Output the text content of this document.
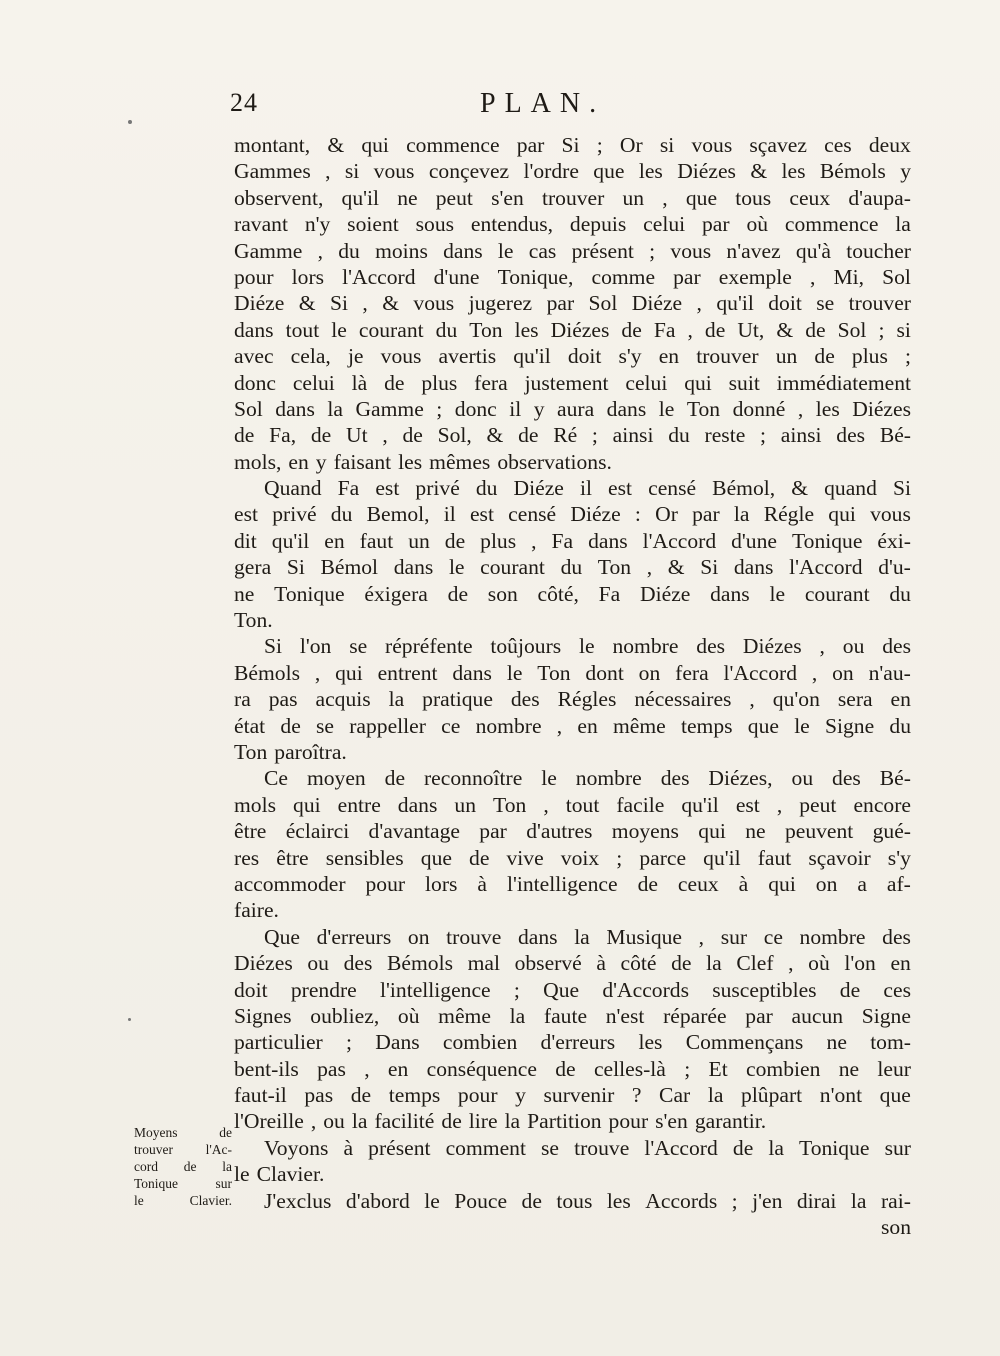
24	PLAN.
montant, & qui commence par Si ; Or si vous sçavez ces deux
Gammes , si vous conçevez l'ordre que les Diézes & les Bémols y
observent, qu'il ne peut s'en trouver un , que tous ceux d'aupa-
ravant n'y soient sous entendus, depuis celui par où commence la
Gamme , du moins dans le cas présent ; vous n'avez qu'à toucher
pour lors l'Accord d'une Tonique, comme par exemple , Mi, Sol
Diéze & Si , & vous jugerez par Sol Diéze , qu'il doit se trouver
dans tout le courant du Ton les Diézes de Fa , de Ut, & de Sol ; si
avec cela, je vous avertis qu'il doit s'y en trouver un de plus ;
donc celui là de plus fera justement celui qui suit immédiatement
Sol dans la Gamme ; donc il y aura dans le Ton donné , les Diézes
de Fa, de Ut , de Sol, & de Ré ; ainsi du reste ; ainsi des Bé-
mols, en y faisant les mêmes observations.
Quand Fa est privé du Diéze il est censé Bémol, & quand Si
est privé du Bemol, il est censé Diéze : Or par la Régle qui vous
dit qu'il en faut un de plus , Fa dans l'Accord d'une Tonique éxi-
gera Si Bémol dans le courant du Ton , & Si dans l'Accord d'u-
ne Tonique éxigera de son côté, Fa Diéze dans le courant du
Ton.
Si l'on se répréfente toûjours le nombre des Diézes , ou des
Bémols , qui entrent dans le Ton dont on fera l'Accord , on n'au-
ra pas acquis la pratique des Régles nécessaires , qu'on sera en
état de se rappeller ce nombre , en même temps que le Signe du
Ton paroîtra.
Ce moyen de reconnoître le nombre des Diézes, ou des Bé-
mols qui entre dans un Ton , tout facile qu'il est , peut encore
être éclairci d'avantage par d'autres moyens qui ne peuvent gué-
res être sensibles que de vive voix ; parce qu'il faut sçavoir s'y
accommoder pour lors à l'intelligence de ceux à qui on a af-
faire.
Que d'erreurs on trouve dans la Musique , sur ce nombre des
Diézes ou des Bémols mal observé à côté de la Clef , où l'on en
doit prendre l'intelligence ; Que d'Accords susceptibles de ces
Signes oubliez, où même la faute n'est réparée par aucun Signe
particulier ; Dans combien d'erreurs les Commençans ne tom-
bent-ils pas , en conséquence de celles-là ; Et combien ne leur
faut-il pas de temps pour y survenir ? Car la plûpart n'ont que
l'Oreille , ou la facilité de lire la Partition pour s'en garantir.
Voyons à présent comment se trouve l'Accord de la Tonique sur
le Clavier.
J'exclus d'abord le Pouce de tous les Accords ; j'en dirai la rai-
son
Moyens	de
trouver l'Ac-
cord de la
Tonique	sur
le	Clavier.
